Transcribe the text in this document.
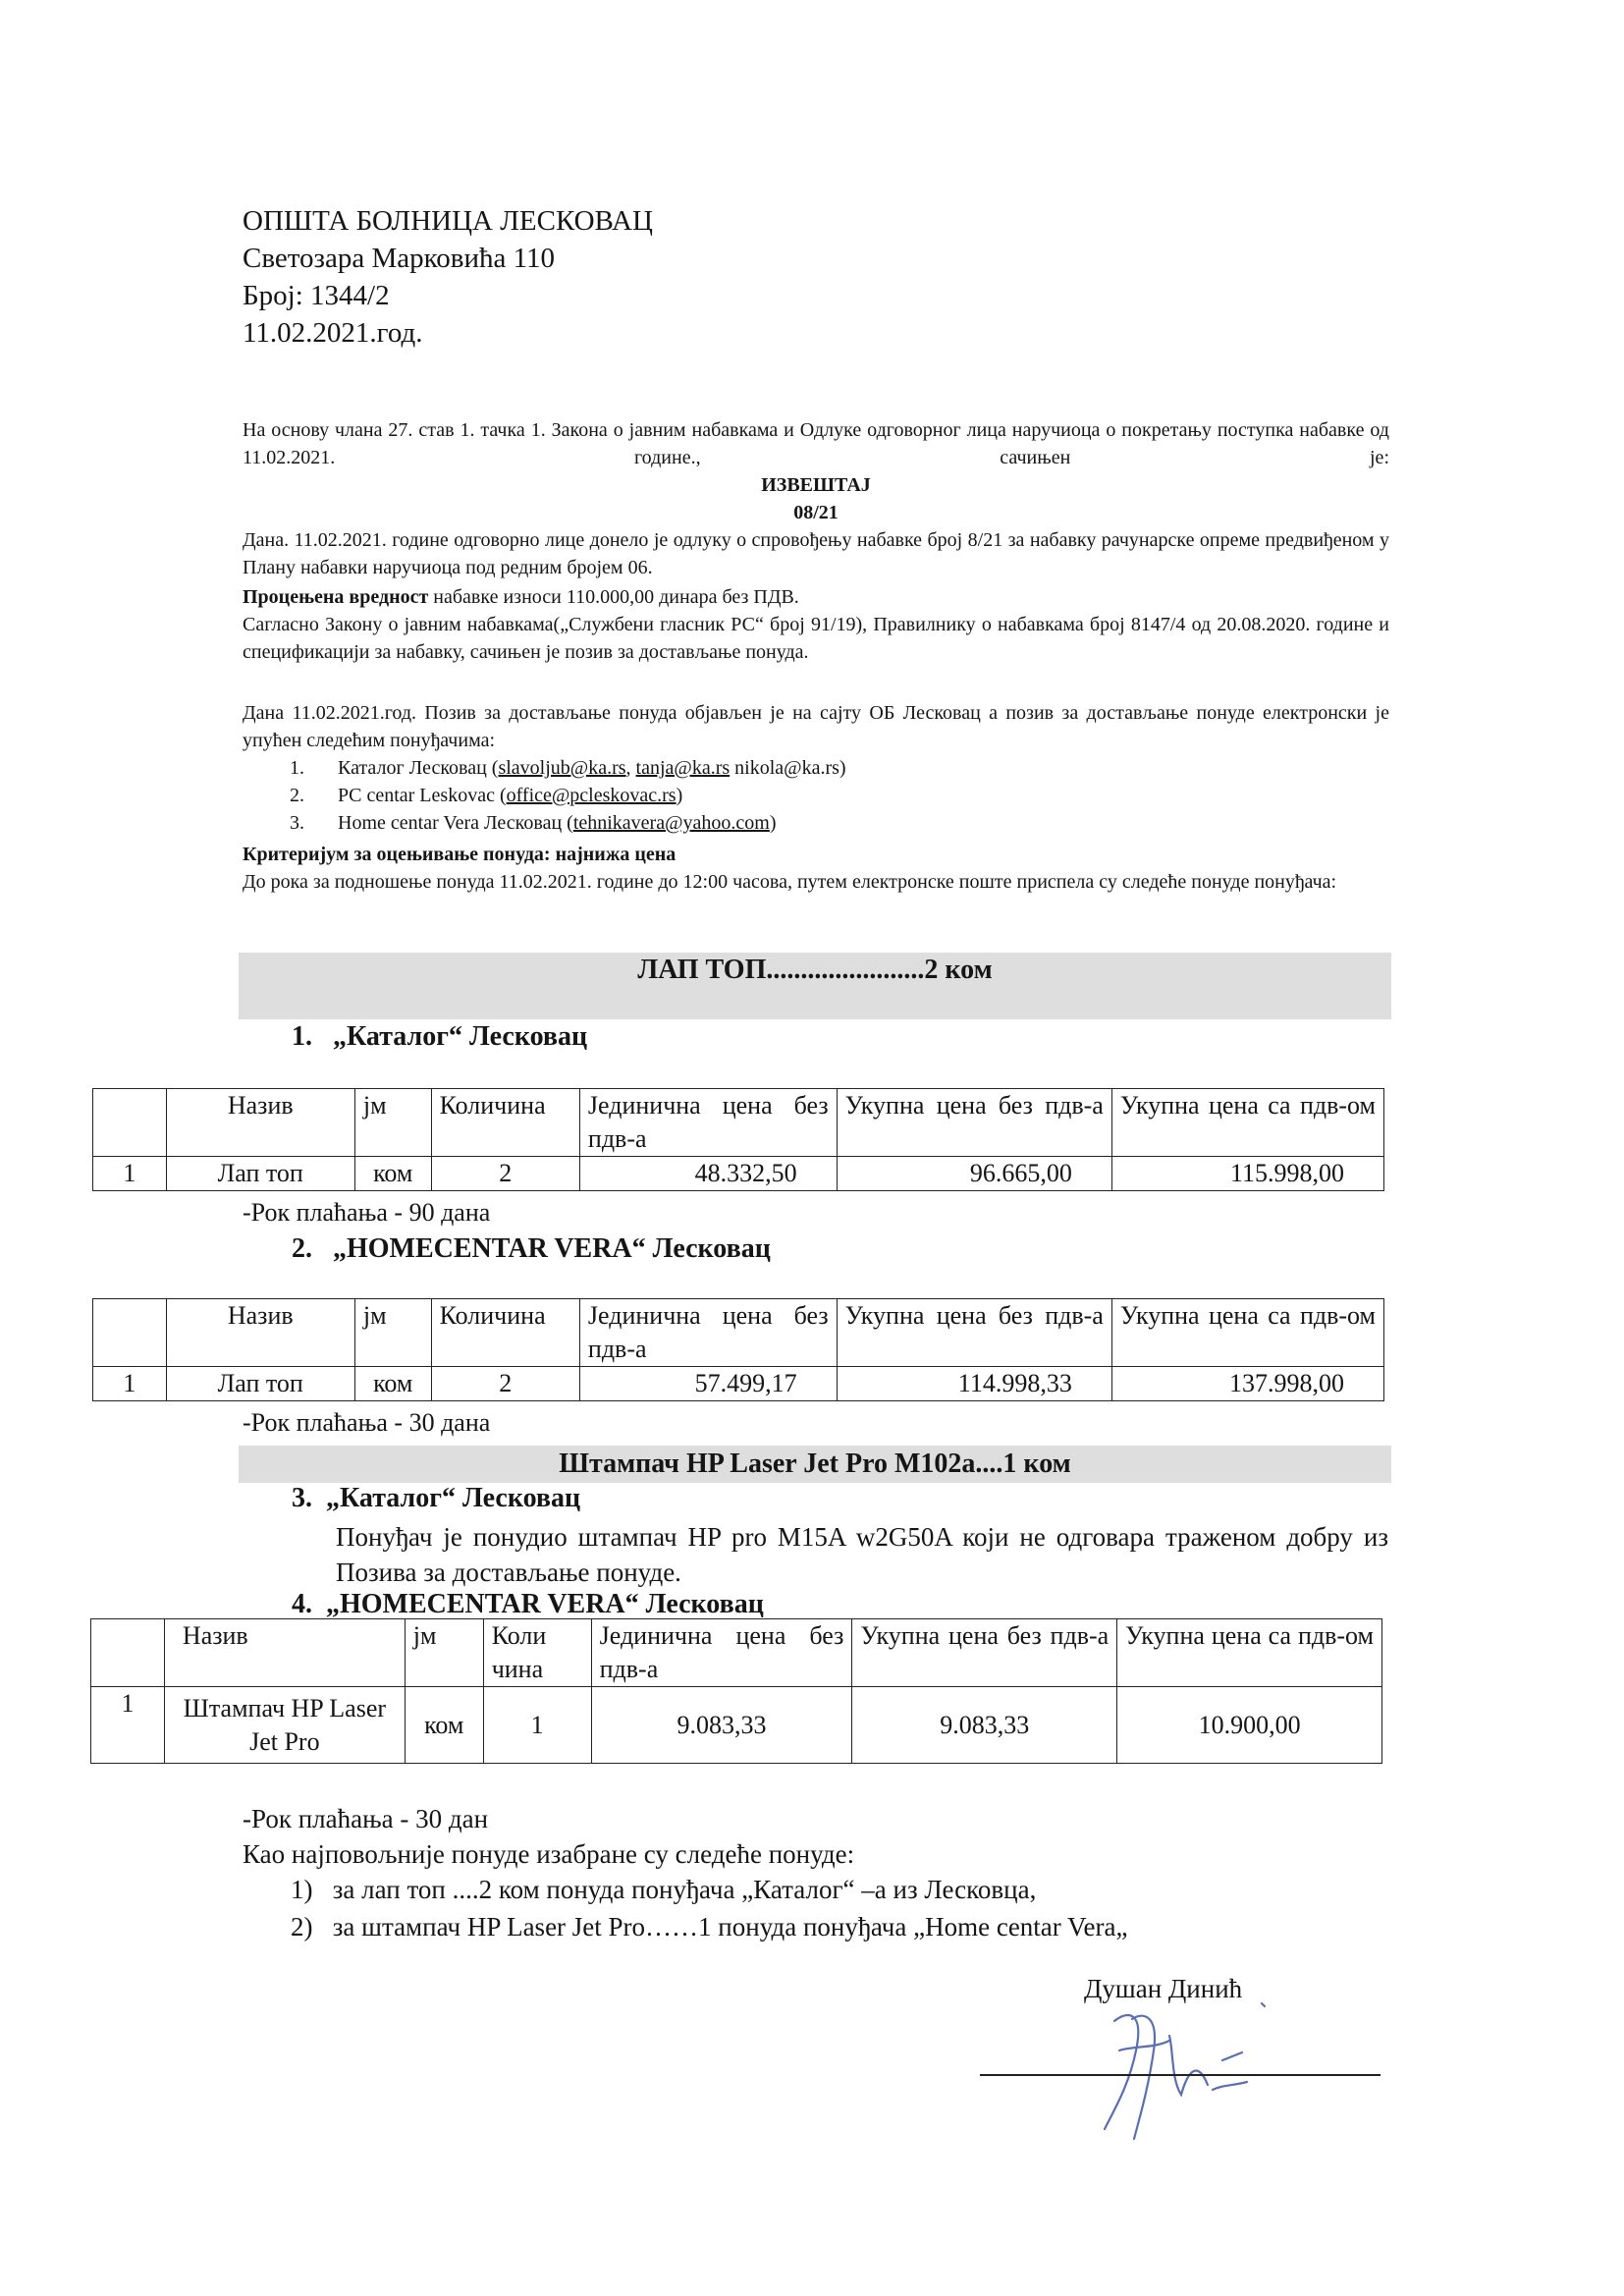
ОПШТА БОЛНИЦА ЛЕСКОВАЦ
Светозара Марковића 110
Број: 1344/2
11.02.2021.год.
На основу члана 27. став 1. тачка 1. Закона о јавним набавкама и Одлуке одговорног лица наручиоца о покретању поступка набавке од 11.02.2021. године., сачињен је:
ИЗВЕШТАЈ
08/21
Дана. 11.02.2021. године одговорно лице донело је одлуку о спровођењу набавке број 8/21 за набавку рачунарске опреме предвиђеном у Плану набавки наручиоца под редним бројем 06.
Процењена вредност набавке износи 110.000,00 динара без ПДВ.
Сагласно Закону о јавним набавкама(„Службени гласник РС“ број 91/19), Правилнику о набавкама број 8147/4 од 20.08.2020. године и спецификацији за набавку, сачињен је позив за достављање понуда.
Дана 11.02.2021.год. Позив за достављање понуда објављен је на сајту ОБ Лесковац а позив за достављање понуде електронски је упућен следећим понуђачима:
1. Каталог Лесковац (slavoljub@ka.rs, tanja@ka.rs nikola@ka.rs)
2. PC centar Leskovac (office@pcleskovac.rs)
3. Home centar Vera Лесковац (tehnikavera@yahoo.com)
Критеријум за оцењивање понуда: најнижа цена
До рока за подношење понуда 11.02.2021. године до 12:00 часова, путем електронске поште приспела су следеће понуде понуђача:
ЛАП ТОП.......................2 ком
1. „Каталог“ Лесковац
	Назив	јм	Количина	Јединична цена без пдв-а	Укупна цена без пдв-а	Укупна цена са пдв-ом

1	Лап топ	ком	2	48.332,50	96.665,00	115.998,00
-Рок плаћања - 90 дана
2. „HOMECENTAR VERA“ Лесковац
	Назив	јм	Количина	Јединична цена без пдв-а	Укупна цена без пдв-а	Укупна цена са пдв-ом

1	Лап топ	ком	2	57.499,17	114.998,33	137.998,00
-Рок плаћања - 30 дана
Штампач HP Laser Jet Pro M102a....1 ком
3. „Каталог“ Лесковац
Понуђач је понудио штампач HP pro M15A w2G50A који не одговара траженом добру из Позива за достављање понуде.
4. „HOMECENTAR VERA“ Лесковац
	Назив	јм	Коли
чина	Јединична цена без пдв-а	Укупна цена без пдв-а	Укупна цена са пдв-ом

1	Штампач HP Laser Jet Pro	ком	1	9.083,33	9.083,33	10.900,00
-Рок плаћања - 30 дан
Као најповољније понуде изабране су следеће понуде:
1) за лап топ ....2 ком понуда понуђача „Каталог“ –а из Лесковца,
2) за штампач HP Laser Jet Pro……1 понуда понуђача „Home centar Vera„
Душан Динић
